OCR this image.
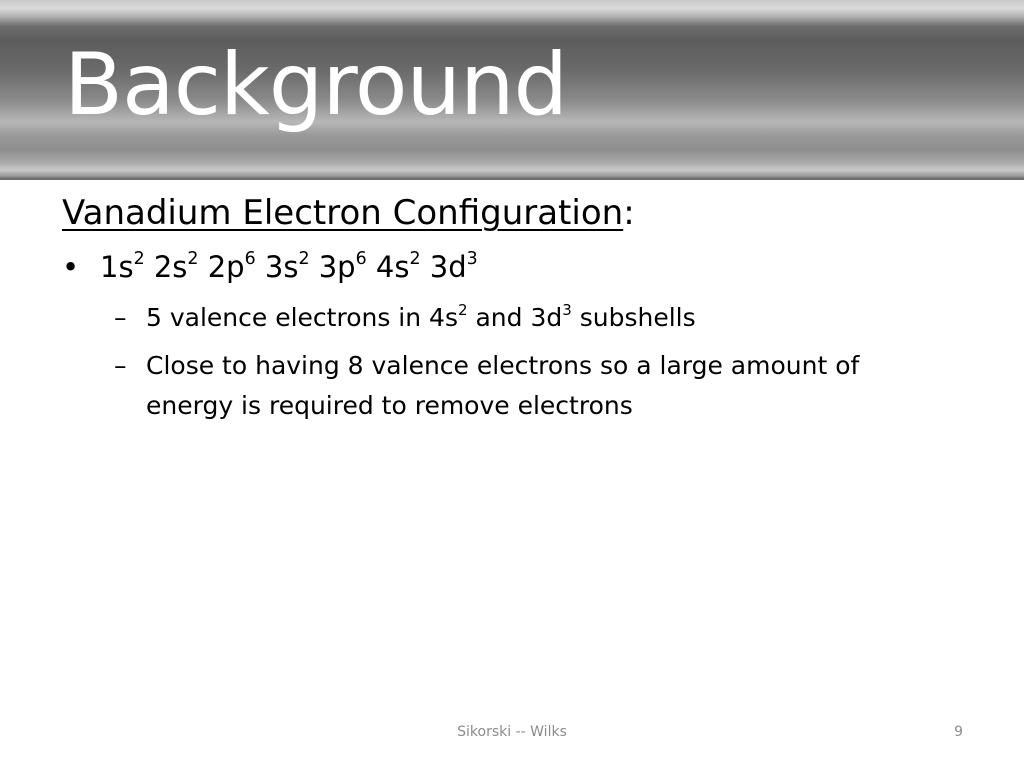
Background

Vanadium Electron Configuration:

• $1s^2$ $2s^2$ $2p^6$ $3s^2$ $3p^6$ $4s^2$ $3d^3$
– 5 valence electrons in $4s^2$ and $3d^3$ subshells
– Close to having 8 valence electrons so a large amount of energy is required to remove electrons
Sikorski -- Wilks	9
